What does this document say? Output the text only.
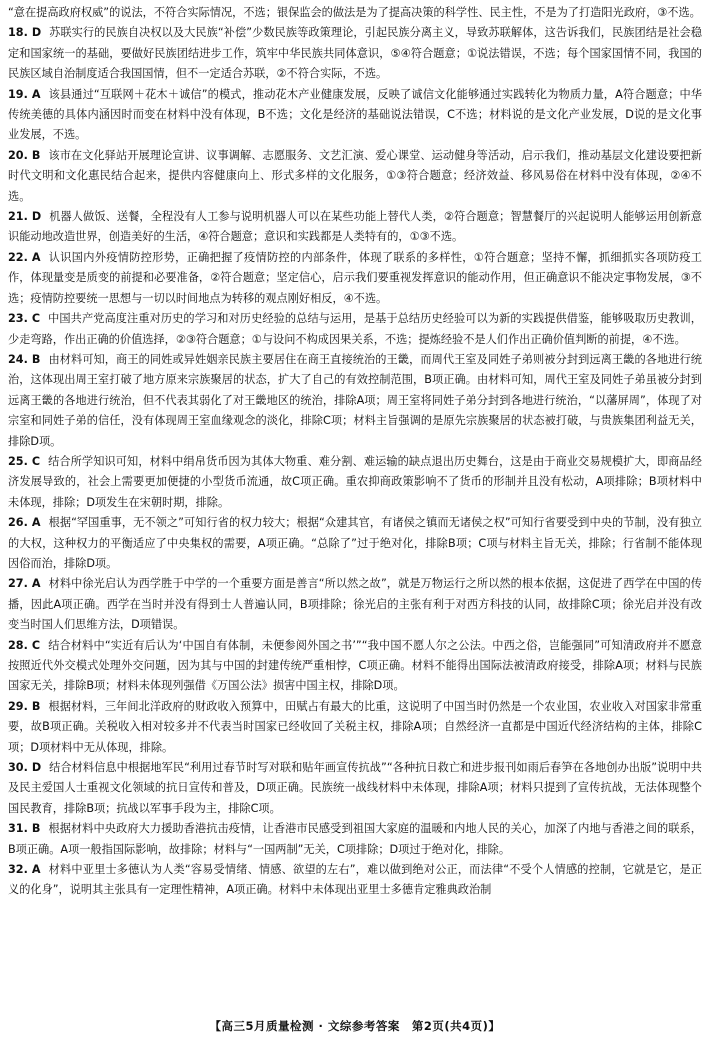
“意在提高政府权威”的说法，不符合实际情况，不选；银保监会的做法是为了提高决策的科学性、民主性，不是为了打造阳光政府，③不选。

18. D 苏联实行的民族自决权以及大民族“补偿”少数民族等政策理论，引起民族分离主义，导致苏联解体，这告诉我们，民族团结是社会稳定和国家统一的基础，要做好民族团结进步工作，筑牢中华民族共同体意识，⑤④符合题意；①说法错误，不选；每个国家国情不同，我国的民族区域自治制度适合我国国情，但不一定适合苏联，②不符合实际，不选。

19. A 该县通过“互联网＋花木＋诚信”的模式，推动花木产业健康发展，反映了诚信文化能够通过实践转化为物质力量，A符合题意；中华传统美德的具体内涵因时而变在材料中没有体现，B不选；文化是经济的基础说法错误，C不选；材料说的是文化产业发展，D说的是文化事业发展，不选。

20. B 该市在文化驿站开展理论宣讲、议事调解、志愿服务、文艺汇演、爱心课堂、运动健身等活动，启示我们，推动基层文化建设要把新时代文明和文化惠民结合起来，提供内容健康向上、形式多样的文化服务，①③符合题意；经济效益、移风易俗在材料中没有体现，②④不选。

21. D 机器人做饭、送餐，全程没有人工参与说明机器人可以在某些功能上替代人类，②符合题意；智慧餐厅的兴起说明人能够运用创新意识能动地改造世界，创造美好的生活，④符合题意；意识和实践都是人类特有的，①③不选。

22. A 认识国内外疫情防控形势，正确把握了疫情防控的内部条件，体现了联系的多样性，①符合题意；坚持不懈，抓细抓实各项防疫工作，体现量变是质变的前提和必要准备，②符合题意；坚定信心，启示我们要重视发挥意识的能动作用，但正确意识不能决定事物发展，③不选；疫情防控要统一思想与一切以时间地点为转移的观点刚好相反，④不选。

23. C 中国共产党高度注重对历史的学习和对历史经验的总结与运用，是基于总结历史经验可以为新的实践提供借鉴，能够吸取历史教训，少走弯路，作出正确的价值选择，②③符合题意；①与设问不构成因果关系，不选；提炼经验不是人们作出正确价值判断的前提，④不选。

24. B 由材料可知，商王的同姓或异姓姻亲民族主要居住在商王直接统治的王畿，而周代王室及同姓子弟则被分封到远离王畿的各地进行统治，这体现出周王室打破了地方原来宗族聚居的状态，扩大了自己的有效控制范围，B项正确。由材料可知，周代王室及同姓子弟虽被分封到远离王畿的各地进行统治，但不代表其弱化了对王畿地区的统治，排除A项；周王室将同姓子弟分封到各地进行统治，“以藩屏周”，体现了对宗室和同姓子弟的信任，没有体现周王室血缘观念的淡化，排除C项；材料主旨强调的是原先宗族聚居的状态被打破，与贵族集团利益无关，排除D项。

25. C 结合所学知识可知，材料中绢帛货币因为其体大物重、难分割、难运输的缺点退出历史舞台，这是由于商业交易规模扩大，即商品经济发展导致的，社会上需要更加便捷的小型货币流通，故C项正确。重农抑商政策影响不了货币的形制并且没有松动，A项排除；B项材料中未体现，排除；D项发生在宋朝时期，排除。

26. A 根据“罕国重事，无不领之”可知行省的权力较大；根据“众建其官，有诸侯之镇而无诸侯之权”可知行省要受到中央的节制，没有独立的大权，这种权力的平衡适应了中央集权的需要，A项正确。“总除了”过于绝对化，排除B项；C项与材料主旨无关，排除；行省制不能体现因俗而治，排除D项。

27. A 材料中徐光启认为西学胜于中学的一个重要方面是善言“所以然之故”，就是万物运行之所以然的根本依据，这促进了西学在中国的传播，因此A项正确。西学在当时并没有得到士人普遍认同，B项排除；徐光启的主张有利于对西方科技的认同，故排除C项；徐光启并没有改变当时国人们思维方法，D项错误。

28. C 结合材料中“实近有后认为‘中国自有体制，未便参阅外国之书’”“我中国不愿人尔之公法。中西之俗，岂能强同”可知清政府并不愿意按照近代外交模式处理外交问题，因为其与中国的封建传统严重相悖，C项正确。材料不能得出国际法被清政府接受，排除A项；材料与民族国家无关，排除B项；材料未体现列强借《万国公法》损害中国主权，排除D项。

29. B 根据材料，三年间北洋政府的财政收入预算中，田赋占有最大的比重，这说明了中国当时仍然是一个农业国，农业收入对国家非常重要，故B项正确。关税收入相对较多并不代表当时国家已经收回了关税主权，排除A项；自然经济一直都是中国近代经济结构的主体，排除C项；D项材料中无从体现，排除。

30. D 结合材料信息中根据地军民“利用过春节时写对联和贴年画宣传抗战”“各种抗日救亡和进步报刊如雨后春笋在各地创办出版”说明中共及民主爱国人士重视文化领域的抗日宣传和普及，D项正确。民族统一战线材料中未体现，排除A项；材料只提到了宣传抗战，无法体现整个国民教育，排除B项；抗战以军事手段为主，排除C项。

31. B 根据材料中央政府大力援助香港抗击疫情，让香港市民感受到祖国大家庭的温暖和内地人民的关心，加深了内地与香港之间的联系，B项正确。A项一般指国际影响，故排除；材料与“一国两制”无关，C项排除；D项过于绝对化，排除。

32. A 材料中亚里士多德认为人类“容易受情绪、情感、欲望的左右”，难以做到绝对公正，而法律“不受个人情感的控制，它就是它，是正义的化身”，说明其主张具有一定理性精神，A项正确。材料中未体现出亚里士多德肯定雅典政治制

【高三5月质量检测 · 文综参考答案　第2页(共4页)】
